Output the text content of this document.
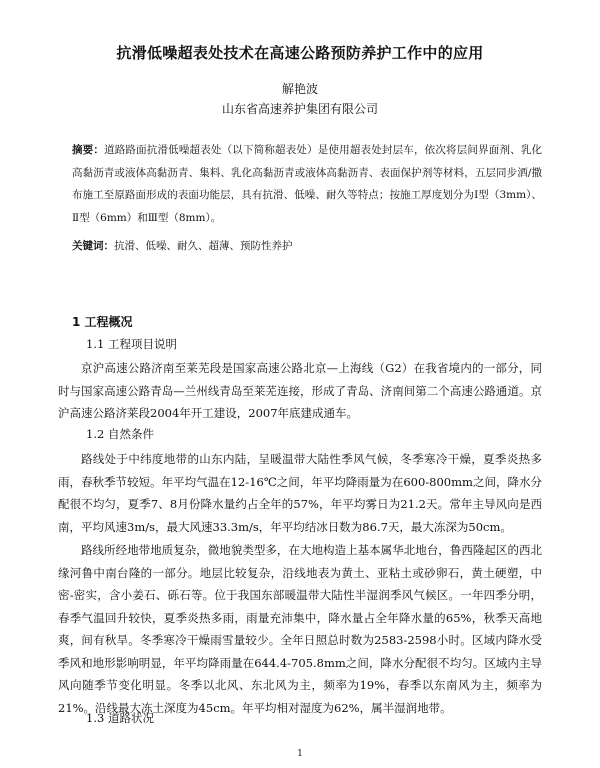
抗滑低噪超表处技术在高速公路预防养护工作中的应用
解艳波
山东省高速养护集团有限公司
摘要：道路路面抗滑低噪超表处（以下简称超表处）是使用超表处封层车，依次将层间界面剂、乳化高黏沥青或液体高黏沥青、集料、乳化高黏沥青或液体高黏沥青、表面保护剂等材料，五层同步洒/撒布施工至原路面形成的表面功能层，具有抗滑、低噪、耐久等特点；按施工厚度划分为Ⅰ型（3mm）、Ⅱ型（6mm）和Ⅲ型（8mm）。
关键词：抗滑、低噪、耐久、超薄、预防性养护
1 工程概况
1.1 工程项目说明
京沪高速公路济南至莱芜段是国家高速公路北京—上海线（G2）在我省境内的一部分，同时与国家高速公路青岛—兰州线青岛至莱芜连接，形成了青岛、济南间第二个高速公路通道。京沪高速公路济莱段2004年开工建设，2007年底建成通车。
1.2 自然条件
路线处于中纬度地带的山东内陆，呈暖温带大陆性季风气候，冬季寒冷干燥，夏季炎热多雨，春秋季节较短。年平均气温在12-16℃之间，年平均降雨量为在600-800mm之间，降水分配很不均匀，夏季7、8月份降水量约占全年的57%，年平均雾日为21.2天。常年主导风向是西南，平均风速3m/s，最大风速33.3m/s，年平均结冰日数为86.7天，最大冻深为50cm。
路线所经地带地质复杂，微地貌类型多，在大地构造上基本属华北地台，鲁西隆起区的西北缘河鲁中南台隆的一部分。地层比较复杂，沿线地表为黄土、亚粘土或砂卵石，黄土硬塑，中密-密实，含小姜石、砾石等。位于我国东部暖温带大陆性半湿润季风气候区。一年四季分明，春季气温回升较快，夏季炎热多雨，雨量充沛集中，降水量占全年降水量的65%，秋季天高地爽，间有秋旱。冬季寒冷干燥雨雪量较少。全年日照总时数为2583-2598小时。区域内降水受季风和地形影响明显，年平均降雨量在644.4-705.8mm之间，降水分配很不均匀。区域内主导风向随季节变化明显。冬季以北风、东北风为主，频率为19%，春季以东南风为主，频率为21%。沿线最大冻土深度为45cm。年平均相对湿度为62%，属半湿润地带。
1.3 道路状况
1
